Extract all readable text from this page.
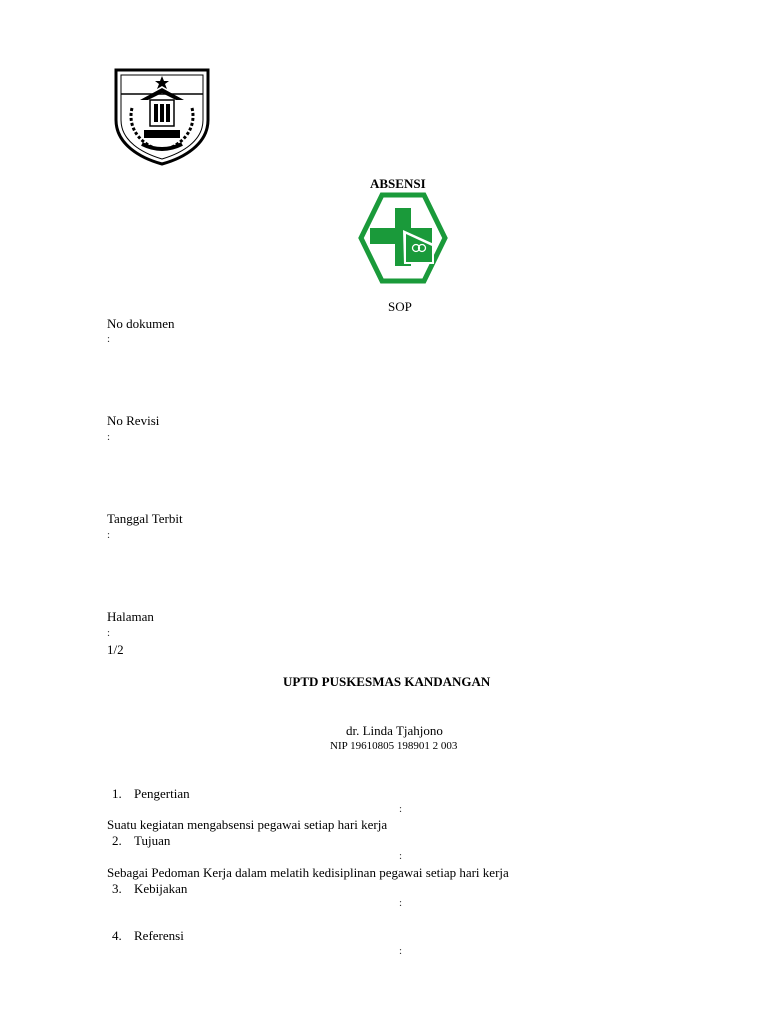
ABSENSI
SOP
No dokumen
:
No Revisi
:
Tanggal Terbit
:
Halaman
:
1/2
UPTD PUSKESMAS KANDANGAN
dr. Linda Tjahjono
NIP 19610805 198901 2 003
1. Pengertian
:
Suatu kegiatan mengabsensi pegawai setiap hari kerja
2. Tujuan
:
Sebagai Pedoman Kerja dalam melatih kedisiplinan pegawai setiap hari kerja
3. Kebijakan
:
4. Referensi
:
